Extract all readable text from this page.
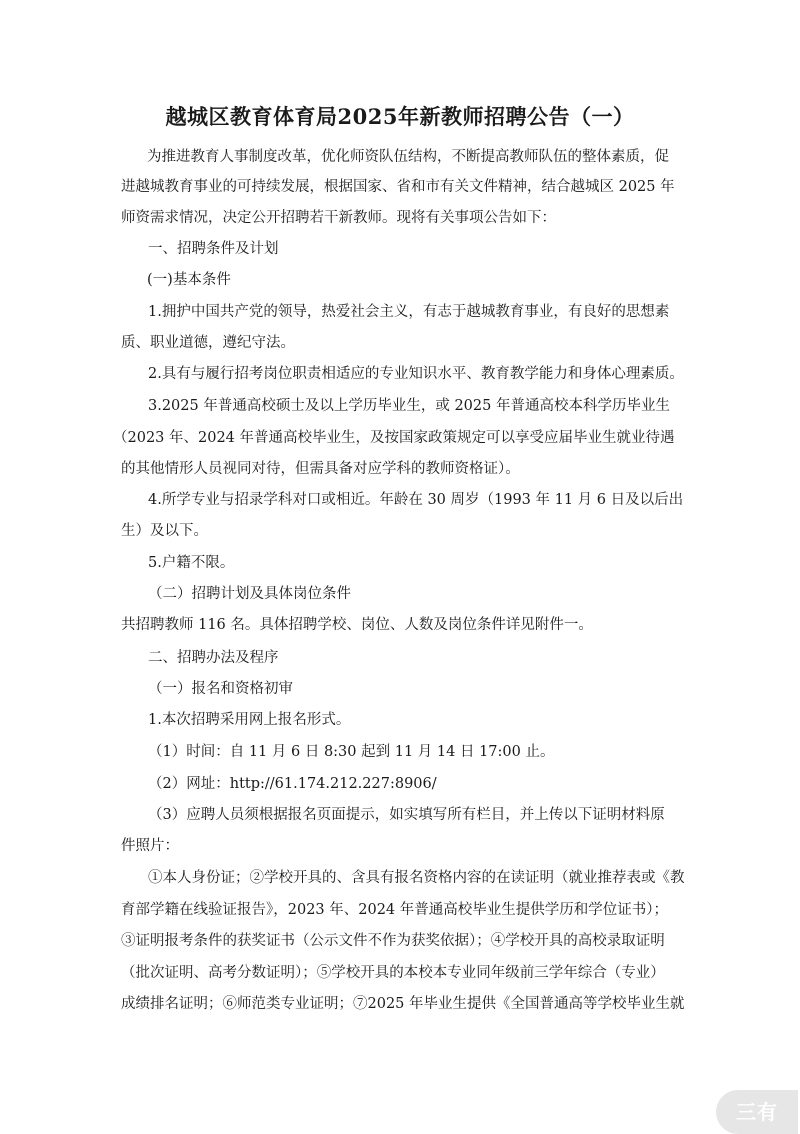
越城区教育体育局2025年新教师招聘公告（一）

为推进教育人事制度改革，优化师资队伍结构，不断提高教师队伍的整体素质，促

进越城教育事业的可持续发展，根据国家、省和市有关文件精神，结合越城区 2025 年

师资需求情况，决定公开招聘若干新教师。现将有关事项公告如下：

一、招聘条件及计划

(一)基本条件

1.拥护中国共产党的领导，热爱社会主义，有志于越城教育事业，有良好的思想素

质、职业道德，遵纪守法。

2.具有与履行招考岗位职责相适应的专业知识水平、教育教学能力和身体心理素质。

3.2025 年普通高校硕士及以上学历毕业生，或 2025 年普通高校本科学历毕业生

（2023 年、2024 年普通高校毕业生，及按国家政策规定可以享受应届毕业生就业待遇

的其他情形人员视同对待，但需具备对应学科的教师资格证）。

4.所学专业与招录学科对口或相近。年龄在 30 周岁（1993 年 11 月 6 日及以后出

生）及以下。

5.户籍不限。

（二）招聘计划及具体岗位条件

共招聘教师 116 名。具体招聘学校、岗位、人数及岗位条件详见附件一。

二、招聘办法及程序

（一）报名和资格初审

1.本次招聘采用网上报名形式。

（1）时间：自 11 月 6 日 8:30 起到 11 月 14 日 17:00 止。

（2）网址：http://61.174.212.227:8906/

（3）应聘人员须根据报名页面提示，如实填写所有栏目，并上传以下证明材料原

件照片：

①本人身份证；②学校开具的、含具有报名资格内容的在读证明（就业推荐表或《教

育部学籍在线验证报告》，2023 年、2024 年普通高校毕业生提供学历和学位证书）；

③证明报考条件的获奖证书（公示文件不作为获奖依据）；④学校开具的高校录取证明

（批次证明、高考分数证明）；⑤学校开具的本校本专业同年级前三学年综合（专业）

成绩排名证明；⑥师范类专业证明；⑦2025 年毕业生提供《全国普通高等学校毕业生就

三有
